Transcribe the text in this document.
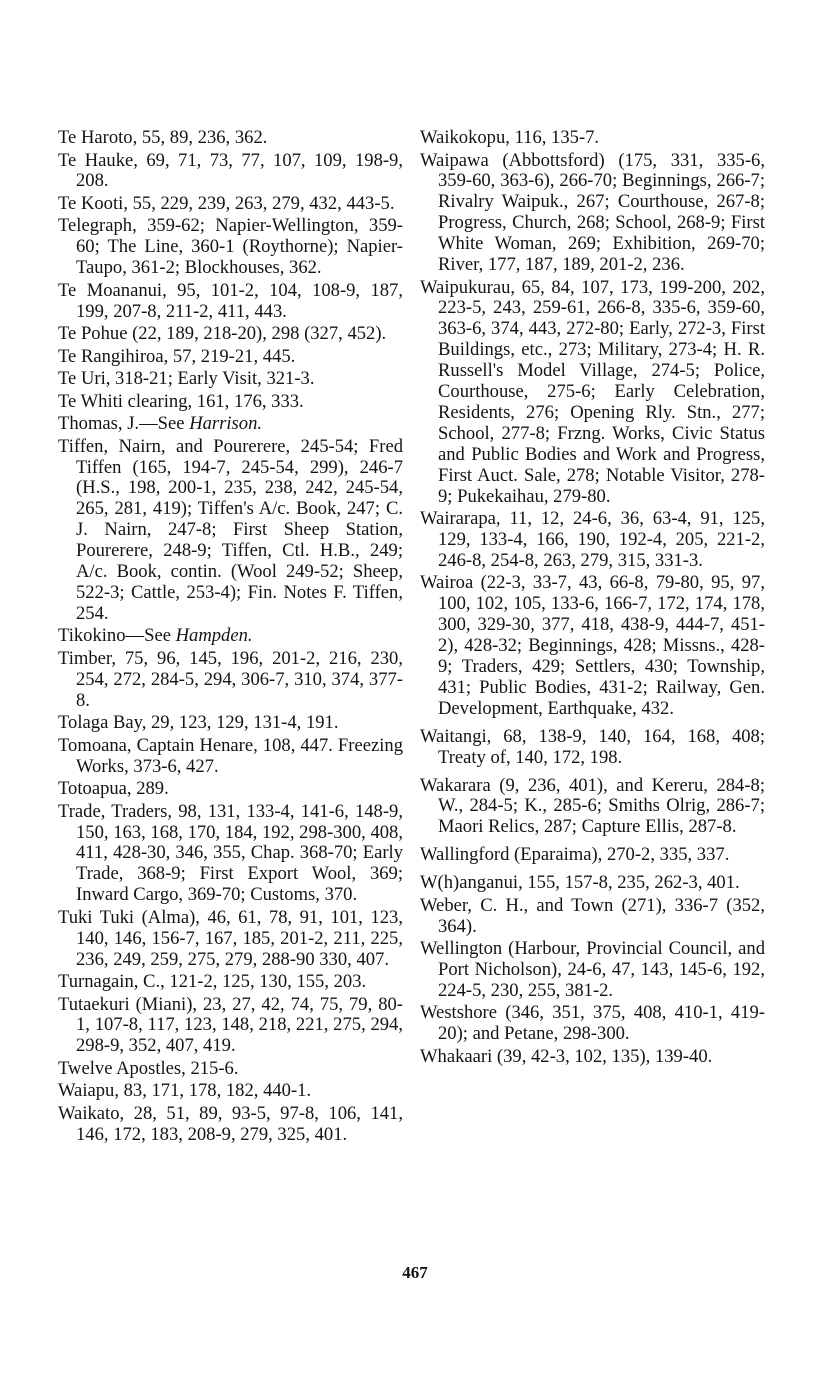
Te Haroto, 55, 89, 236, 362.
Te Hauke, 69, 71, 73, 77, 107, 109, 198-9, 208.
Te Kooti, 55, 229, 239, 263, 279, 432, 443-5.
Telegraph, 359-62; Napier-Wellington, 359-60; The Line, 360-1 (Roythorne); Napier-Taupo, 361-2; Blockhouses, 362.
Te Moananui, 95, 101-2, 104, 108-9, 187, 199, 207-8, 211-2, 411, 443.
Te Pohue (22, 189, 218-20), 298 (327, 452).
Te Rangihiroa, 57, 219-21, 445.
Te Uri, 318-21; Early Visit, 321-3.
Te Whiti clearing, 161, 176, 333.
Thomas, J.—See Harrison.
Tiffen, Nairn, and Pourerere, 245-54; Fred Tiffen (165, 194-7, 245-54, 299), 246-7 (H.S., 198, 200-1, 235, 238, 242, 245-54, 265, 281, 419); Tiffen's A/c. Book, 247; C. J. Nairn, 247-8; First Sheep Station, Pourerere, 248-9; Tiffen, Ctl. H.B., 249; A/c. Book, contin. (Wool 249-52; Sheep, 522-3; Cattle, 253-4); Fin. Notes F. Tiffen, 254.
Tikokino—See Hampden.
Timber, 75, 96, 145, 196, 201-2, 216, 230, 254, 272, 284-5, 294, 306-7, 310, 374, 377-8.
Tolaga Bay, 29, 123, 129, 131-4, 191.
Tomoana, Captain Henare, 108, 447. Freezing Works, 373-6, 427.
Totoapua, 289.
Trade, Traders, 98, 131, 133-4, 141-6, 148-9, 150, 163, 168, 170, 184, 192, 298-300, 408, 411, 428-30, 346, 355, Chap. 368-70; Early Trade, 368-9; First Export Wool, 369; Inward Cargo, 369-70; Customs, 370.
Tuki Tuki (Alma), 46, 61, 78, 91, 101, 123, 140, 146, 156-7, 167, 185, 201-2, 211, 225, 236, 249, 259, 275, 279, 288-90 330, 407.
Turnagain, C., 121-2, 125, 130, 155, 203.
Tutaekuri (Miani), 23, 27, 42, 74, 75, 79, 80-1, 107-8, 117, 123, 148, 218, 221, 275, 294, 298-9, 352, 407, 419.
Twelve Apostles, 215-6.
Waiapu, 83, 171, 178, 182, 440-1.
Waikato, 28, 51, 89, 93-5, 97-8, 106, 141, 146, 172, 183, 208-9, 279, 325, 401.
Waikokopu, 116, 135-7.
Waipawa (Abbottsford) (175, 331, 335-6, 359-60, 363-6), 266-70; Beginnings, 266-7; Rivalry Waipuk., 267; Courthouse, 267-8; Progress, Church, 268; School, 268-9; First White Woman, 269; Exhibition, 269-70; River, 177, 187, 189, 201-2, 236.
Waipukurau, 65, 84, 107, 173, 199-200, 202, 223-5, 243, 259-61, 266-8, 335-6, 359-60, 363-6, 374, 443, 272-80; Early, 272-3, First Buildings, etc., 273; Military, 273-4; H. R. Russell's Model Village, 274-5; Police, Courthouse, 275-6; Early Celebration, Residents, 276; Opening Rly. Stn., 277; School, 277-8; Frzng. Works, Civic Status and Public Bodies and Work and Progress, First Auct. Sale, 278; Notable Visitor, 278-9; Pukekaihau, 279-80.
Wairarapa, 11, 12, 24-6, 36, 63-4, 91, 125, 129, 133-4, 166, 190, 192-4, 205, 221-2, 246-8, 254-8, 263, 279, 315, 331-3.
Wairoa (22-3, 33-7, 43, 66-8, 79-80, 95, 97, 100, 102, 105, 133-6, 166-7, 172, 174, 178, 300, 329-30, 377, 418, 438-9, 444-7, 451-2), 428-32; Beginnings, 428; Missns., 428-9; Traders, 429; Settlers, 430; Township, 431; Public Bodies, 431-2; Railway, Gen. Development, Earthquake, 432.
Waitangi, 68, 138-9, 140, 164, 168, 408; Treaty of, 140, 172, 198.
Wakarara (9, 236, 401), and Kereru, 284-8; W., 284-5; K., 285-6; Smiths Olrig, 286-7; Maori Relics, 287; Capture Ellis, 287-8.
Wallingford (Eparaima), 270-2, 335, 337.
W(h)anganui, 155, 157-8, 235, 262-3, 401.
Weber, C. H., and Town (271), 336-7 (352, 364).
Wellington (Harbour, Provincial Council, and Port Nicholson), 24-6, 47, 143, 145-6, 192, 224-5, 230, 255, 381-2.
Westshore (346, 351, 375, 408, 410-1, 419-20); and Petane, 298-300.
Whakaari (39, 42-3, 102, 135), 139-40.
467
